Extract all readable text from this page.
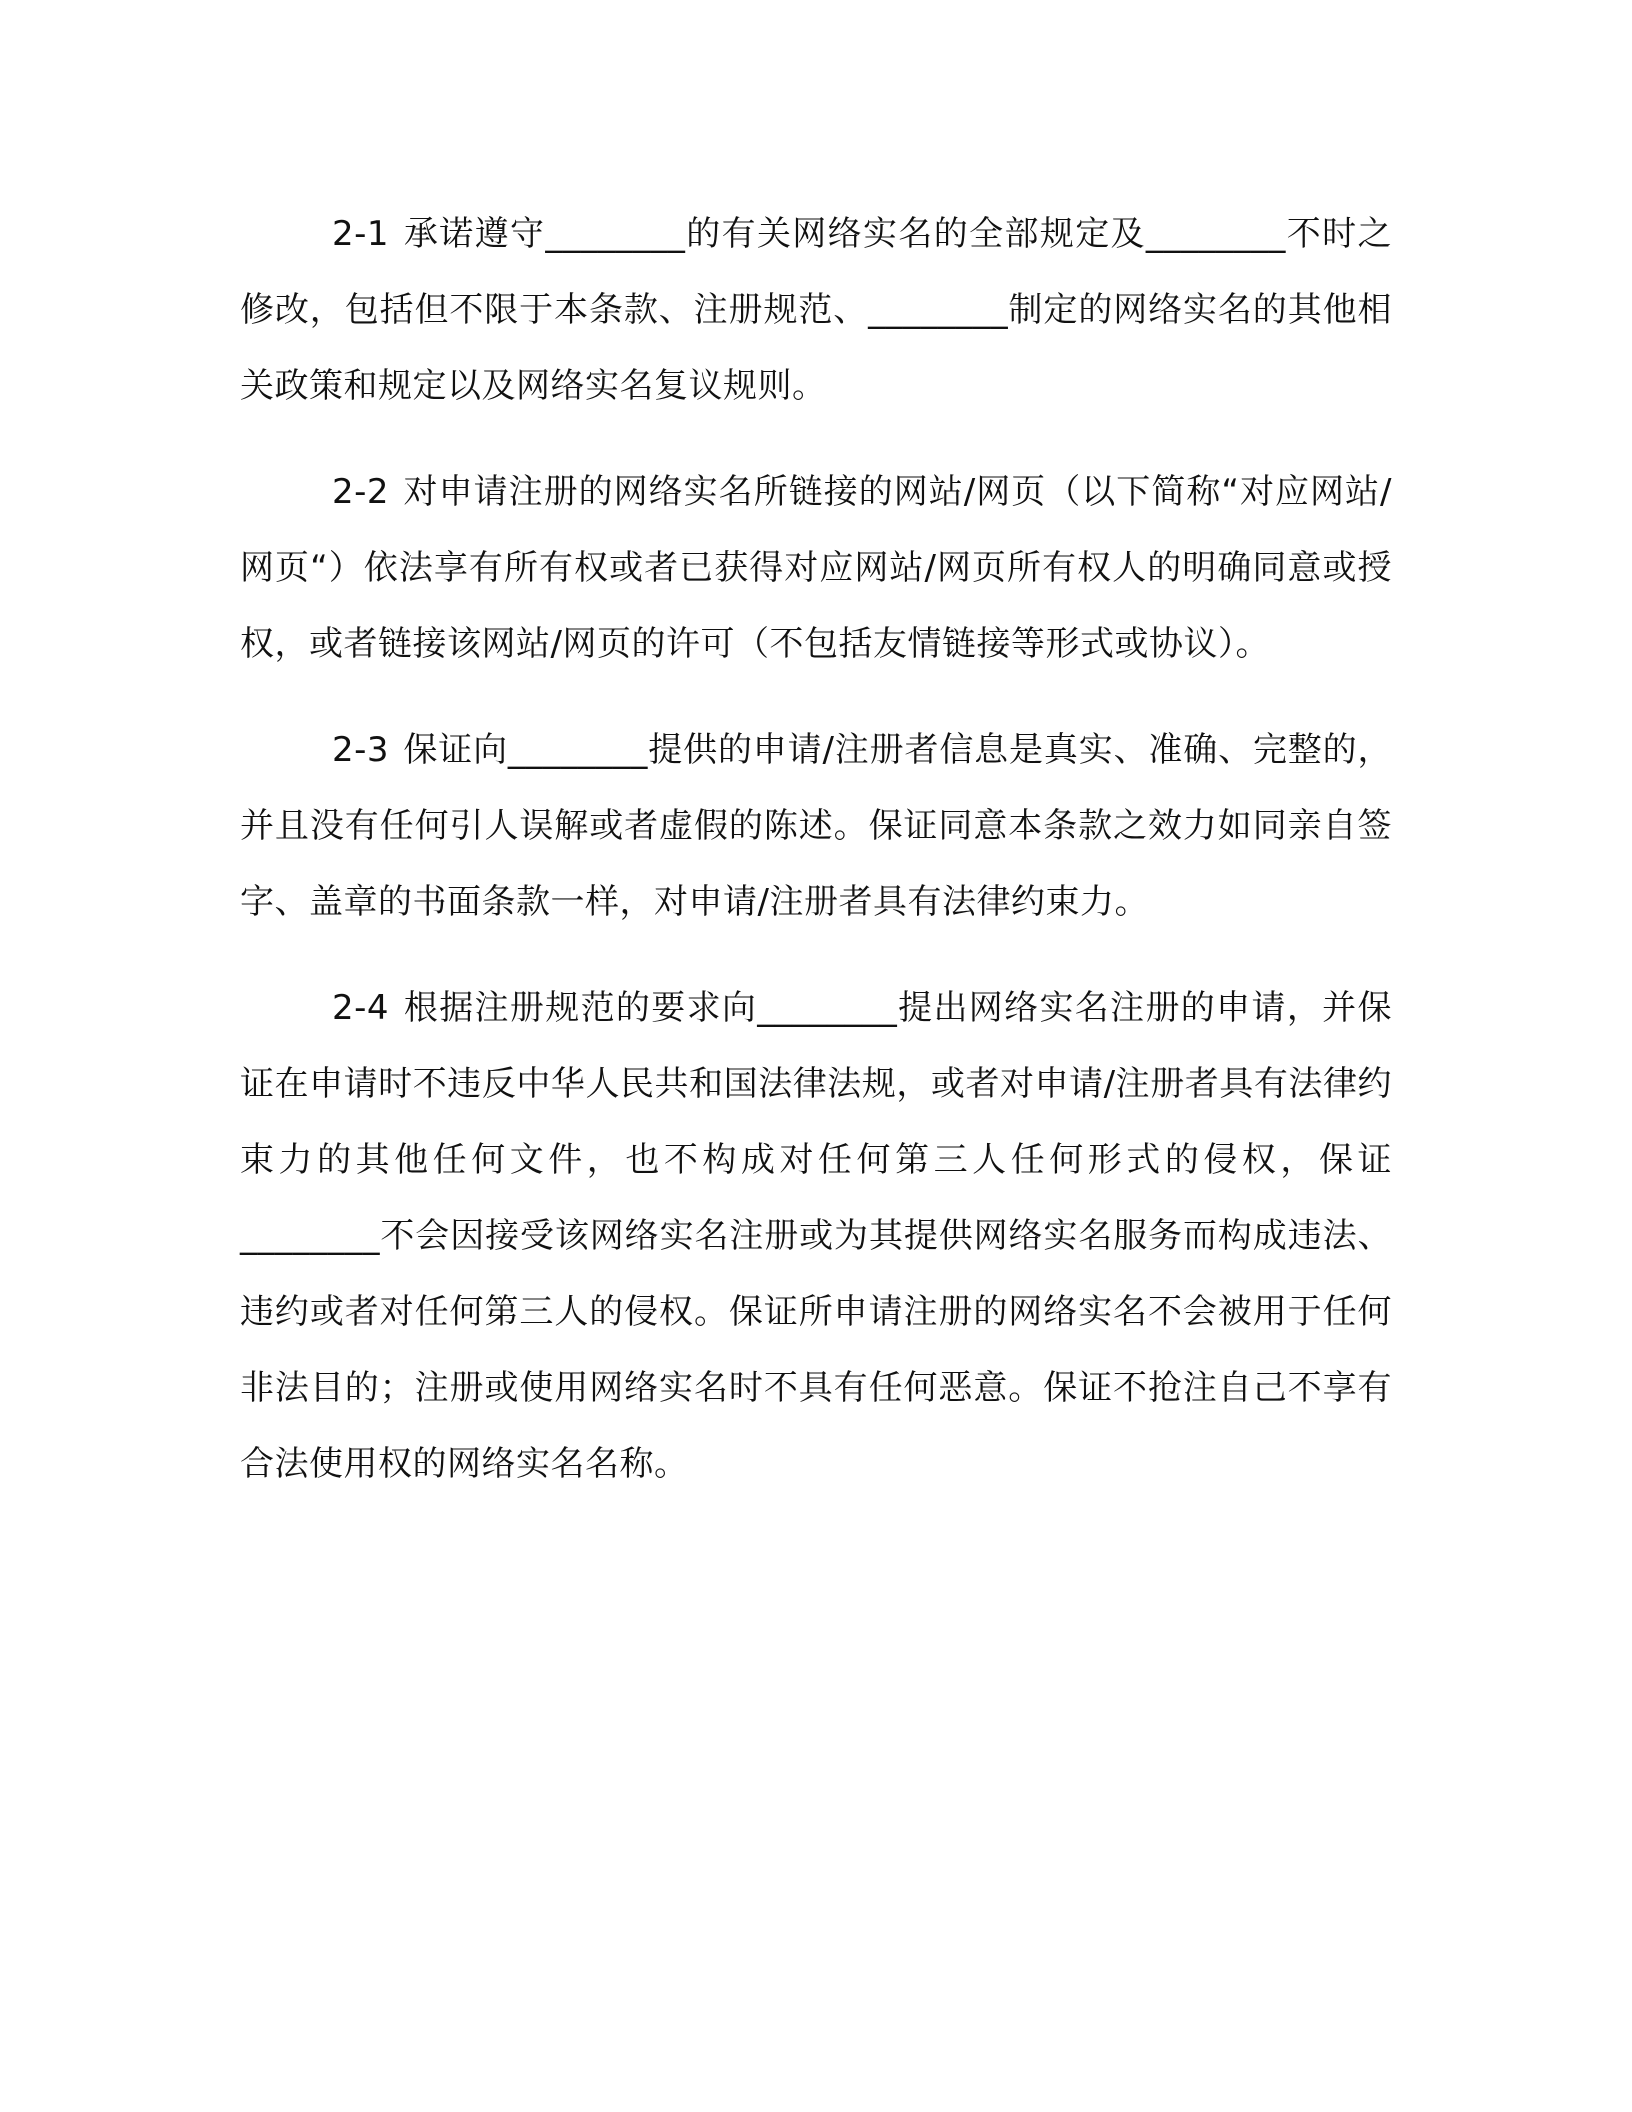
2-1 承诺遵守________的有关网络实名的全部规定及________不时之修改，包括但不限于本条款、注册规范、________制定的网络实名的其他相关政策和规定以及网络实名复议规则。

2-2 对申请注册的网络实名所链接的网站/网页（以下简称“对应网站/网页“）依法享有所有权或者已获得对应网站/网页所有权人的明确同意或授权，或者链接该网站/网页的许可（不包括友情链接等形式或协议）。

2-3 保证向________提供的申请/注册者信息是真实、准确、完整的，并且没有任何引人误解或者虚假的陈述。保证同意本条款之效力如同亲自签字、盖章的书面条款一样，对申请/注册者具有法律约束力。

2-4 根据注册规范的要求向________提出网络实名注册的申请，并保证在申请时不违反中华人民共和国法律法规，或者对申请/注册者具有法律约束力的其他任何文件，也不构成对任何第三人任何形式的侵权，保证________不会因接受该网络实名注册或为其提供网络实名服务而构成违法、违约或者对任何第三人的侵权。保证所申请注册的网络实名不会被用于任何非法目的；注册或使用网络实名时不具有任何恶意。保证不抢注自己不享有合法使用权的网络实名名称。
